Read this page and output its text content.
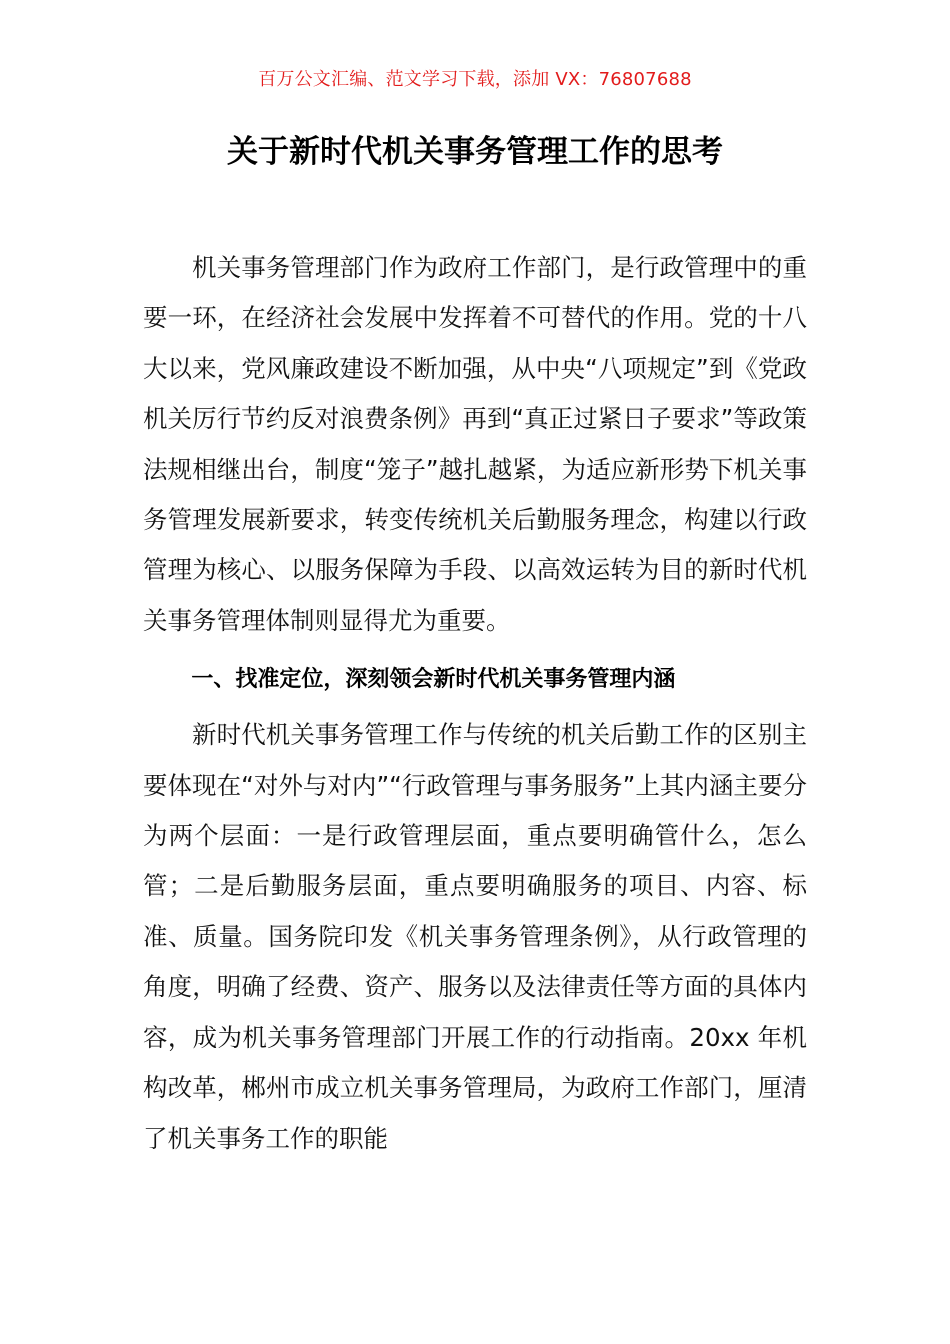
百万公文汇编、范文学习下载，添加 VX：76807688
关于新时代机关事务管理工作的思考

机关事务管理部门作为政府工作部门，是行政管理中的重要一环，在经济社会发展中发挥着不可替代的作用。党的十八大以来，党风廉政建设不断加强，从中央“八项规定”到《党政机关厉行节约反对浪费条例》再到“真正过紧日子要求”等政策法规相继出台，制度“笼子”越扎越紧，为适应新形势下机关事务管理发展新要求，转变传统机关后勤服务理念，构建以行政管理为核心、以服务保障为手段、以高效运转为目的新时代机关事务管理体制则显得尤为重要。

一、找准定位，深刻领会新时代机关事务管理内涵

新时代机关事务管理工作与传统的机关后勤工作的区别主要体现在“对外与对内”“行政管理与事务服务”上其内涵主要分为两个层面：一是行政管理层面，重点要明确管什么，怎么管；二是后勤服务层面，重点要明确服务的项目、内容、标准、质量。国务院印发《机关事务管理条例》，从行政管理的角度，明确了经费、资产、服务以及法律责任等方面的具体内容，成为机关事务管理部门开展工作的行动指南。20xx 年机构改革，郴州市成立机关事务管理局，为政府工作部门，厘清了机关事务工作的职能
